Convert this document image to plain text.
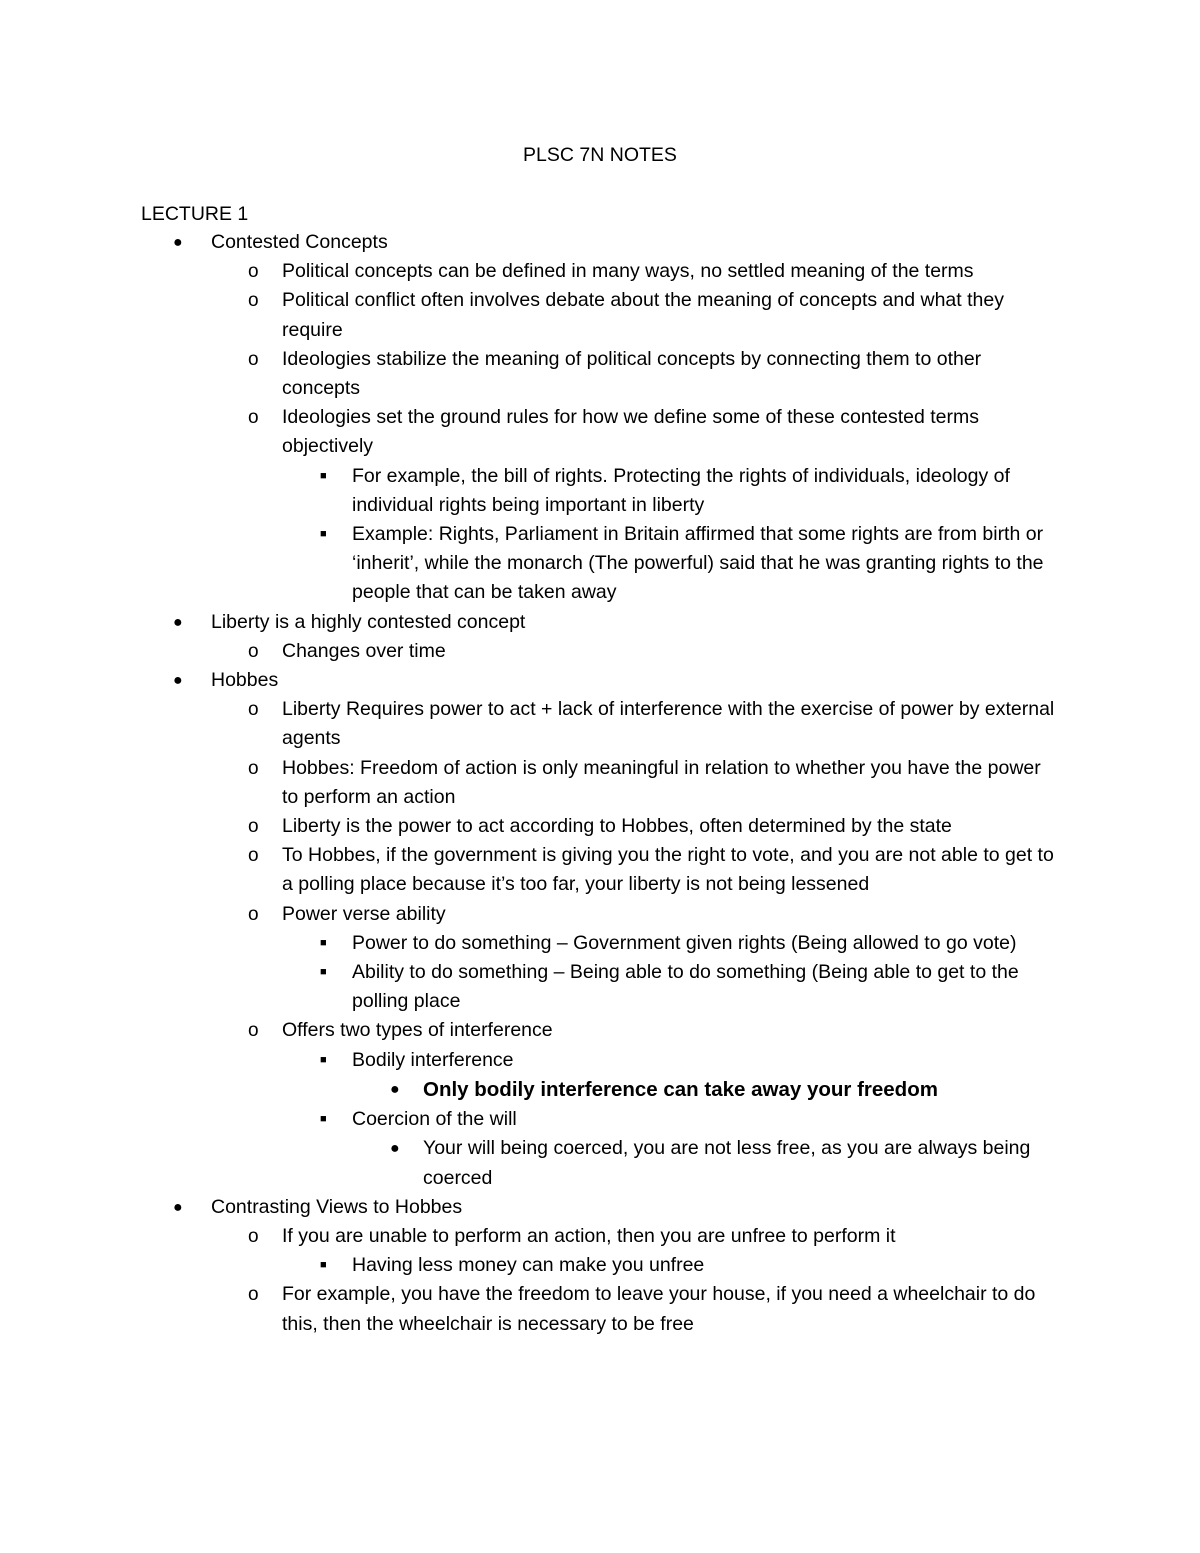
PLSC 7N NOTES
LECTURE 1
● Contested Concepts
o Political concepts can be defined in many ways, no settled meaning of the terms
o Political conflict often involves debate about the meaning of concepts and what they require
o Ideologies stabilize the meaning of political concepts by connecting them to other concepts
o Ideologies set the ground rules for how we define some of these contested terms objectively
■ For example, the bill of rights. Protecting the rights of individuals, ideology of individual rights being important in liberty
■ Example: Rights, Parliament in Britain affirmed that some rights are from birth or ‘inherit’, while the monarch (The powerful) said that he was granting rights to the people that can be taken away
● Liberty is a highly contested concept
o Changes over time
● Hobbes
o Liberty Requires power to act + lack of interference with the exercise of power by external agents
o Hobbes: Freedom of action is only meaningful in relation to whether you have the power to perform an action
o Liberty is the power to act according to Hobbes, often determined by the state
o To Hobbes, if the government is giving you the right to vote, and you are not able to get to a polling place because it’s too far, your liberty is not being lessened
o Power verse ability
■ Power to do something – Government given rights (Being allowed to go vote)
■ Ability to do something – Being able to do something (Being able to get to the polling place
o Offers two types of interference
■ Bodily interference
● Only bodily interference can take away your freedom
■ Coercion of the will
● Your will being coerced, you are not less free, as you are always being coerced
● Contrasting Views to Hobbes
o If you are unable to perform an action, then you are unfree to perform it
■ Having less money can make you unfree
o For example, you have the freedom to leave your house, if you need a wheelchair to do this, then the wheelchair is necessary to be free
